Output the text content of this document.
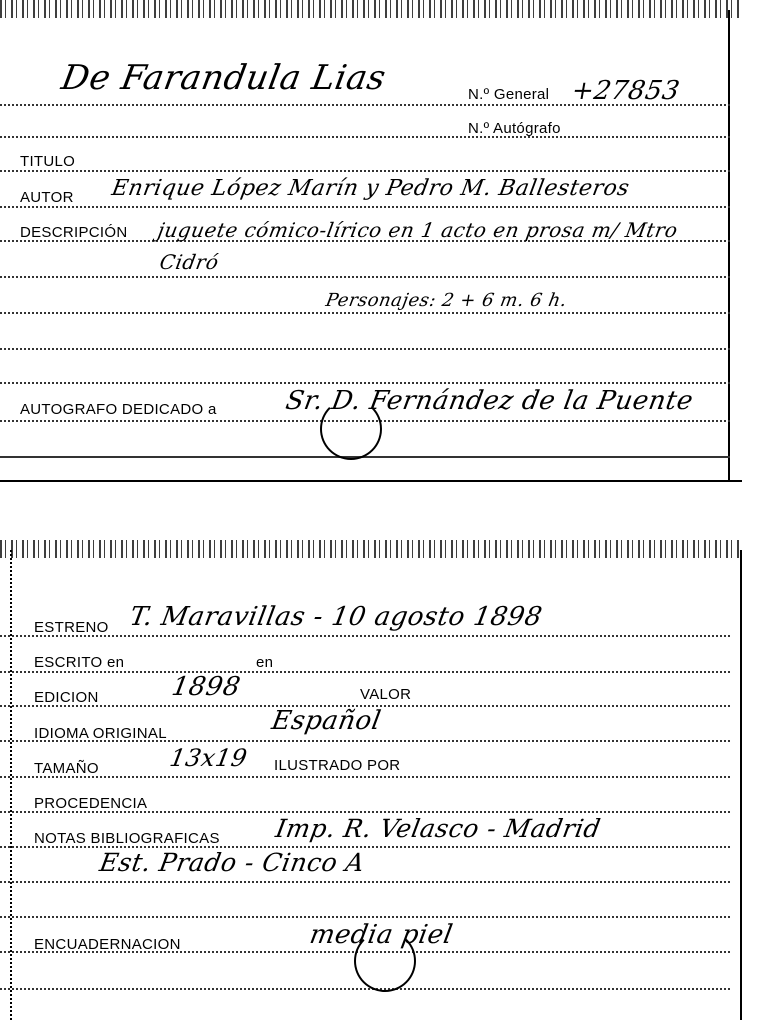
De Farandula Lias	N.º General +27853
N.º Autógrafo
TITULO
AUTOR Enrique López Marín y Pedro M. Ballesteros
DESCRIPCIÓN juguete cómico-lírico en 1 acto en prosa m/ Mtro
Cidró
Personajes: 2 + 6 m. 6 h.
AUTOGRAFO DEDICADO a	Sr. D. Fernández de la Puente
ESTRENO T. Maravillas - 10 agosto 1898
ESCRITO en	en
EDICION	1898	VALOR
IDIOMA ORIGINAL	Español
TAMAÑO	13x19 ILUSTRADO POR
PROCEDENCIA
NOTAS BIBLIOGRAFICAS Imp. R. Velasco - Madrid
Est. Prado - Cinco A
ENCUADERNACION	media piel
